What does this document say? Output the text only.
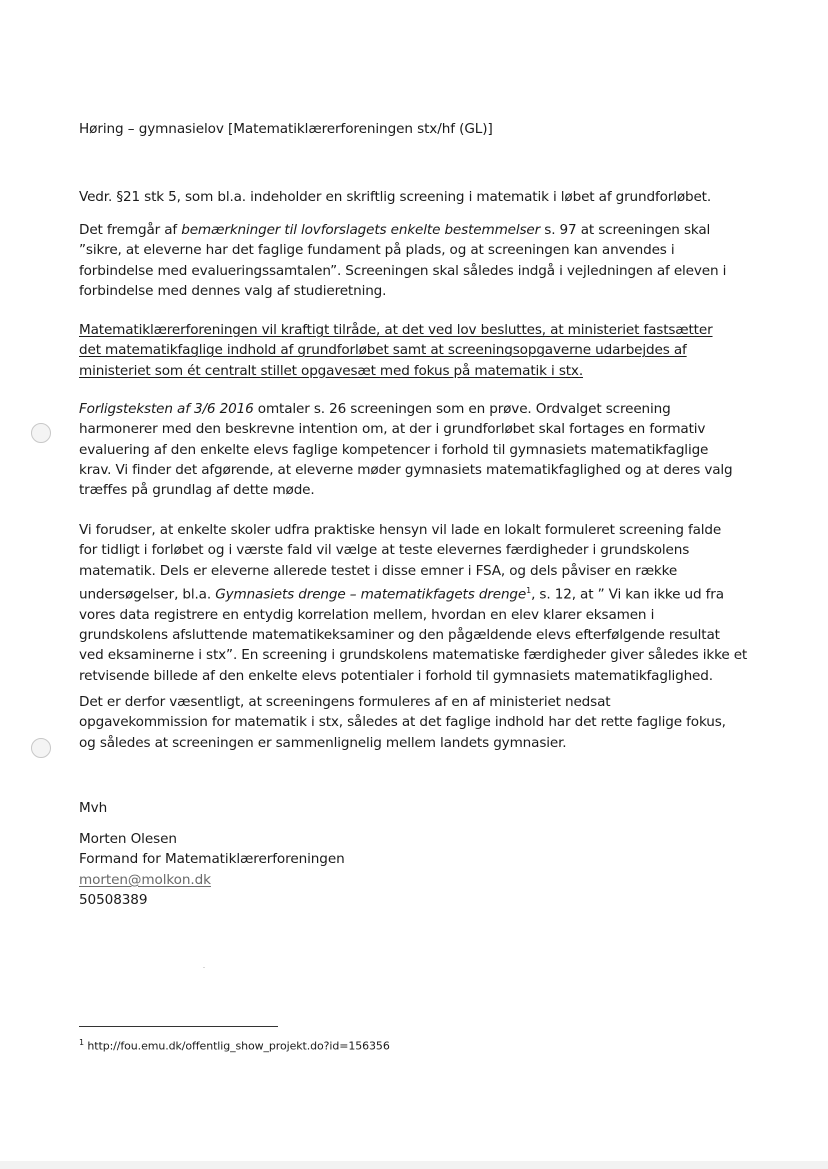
Høring – gymnasielov [Matematiklærerforeningen stx/hf (GL)]
Vedr. §21 stk 5, som bl.a. indeholder en skriftlig screening i matematik i løbet af grundforløbet.
Det fremgår af bemærkninger til lovforslagets enkelte bestemmelser s. 97 at screeningen skal
”sikre, at eleverne har det faglige fundament på plads, og at screeningen kan anvendes i
forbindelse med evalueringssamtalen”. Screeningen skal således indgå i vejledningen af eleven i
forbindelse med dennes valg af studieretning.
Matematiklærerforeningen vil kraftigt tilråde, at det ved lov besluttes, at ministeriet fastsætter
det matematikfaglige indhold af grundforløbet samt at screeningsopgaverne udarbejdes af
ministeriet som ét centralt stillet opgavesæt med fokus på matematik i stx.
Forligsteksten af 3/6 2016 omtaler s. 26 screeningen som en prøve. Ordvalget screening
harmonerer med den beskrevne intention om, at der i grundforløbet skal fortages en formativ
evaluering af den enkelte elevs faglige kompetencer i forhold til gymnasiets matematikfaglige
krav. Vi finder det afgørende, at eleverne møder gymnasiets matematikfaglighed og at deres valg
træffes på grundlag af dette møde.
Vi forudser, at enkelte skoler udfra praktiske hensyn vil lade en lokalt formuleret screening falde
for tidligt i forløbet og i værste fald vil vælge at teste elevernes færdigheder i grundskolens
matematik. Dels er eleverne allerede testet i disse emner i FSA, og dels påviser en række
undersøgelser, bl.a. Gymnasiets drenge – matematikfagets drenge$^1$, s. 12, at ” Vi kan ikke ud fra
vores data registrere en entydig korrelation mellem, hvordan en elev klarer eksamen i
grundskolens afsluttende matematikeksaminer og den pågældende elevs efterfølgende resultat
ved eksaminerne i stx”. En screening i grundskolens matematiske færdigheder giver således ikke et
retvisende billede af den enkelte elevs potentialer i forhold til gymnasiets matematikfaglighed.
Det er derfor væsentligt, at screeningens formuleres af en af ministeriet nedsat
opgavekommission for matematik i stx, således at det faglige indhold har det rette faglige fokus,
og således at screeningen er sammenlignelig mellem landets gymnasier.
Mvh
Morten Olesen
Formand for Matematiklærerforeningen
morten@molkon.dk
50508389
$^1$ http://fou.emu.dk/offentlig_show_projekt.do?id=156356
